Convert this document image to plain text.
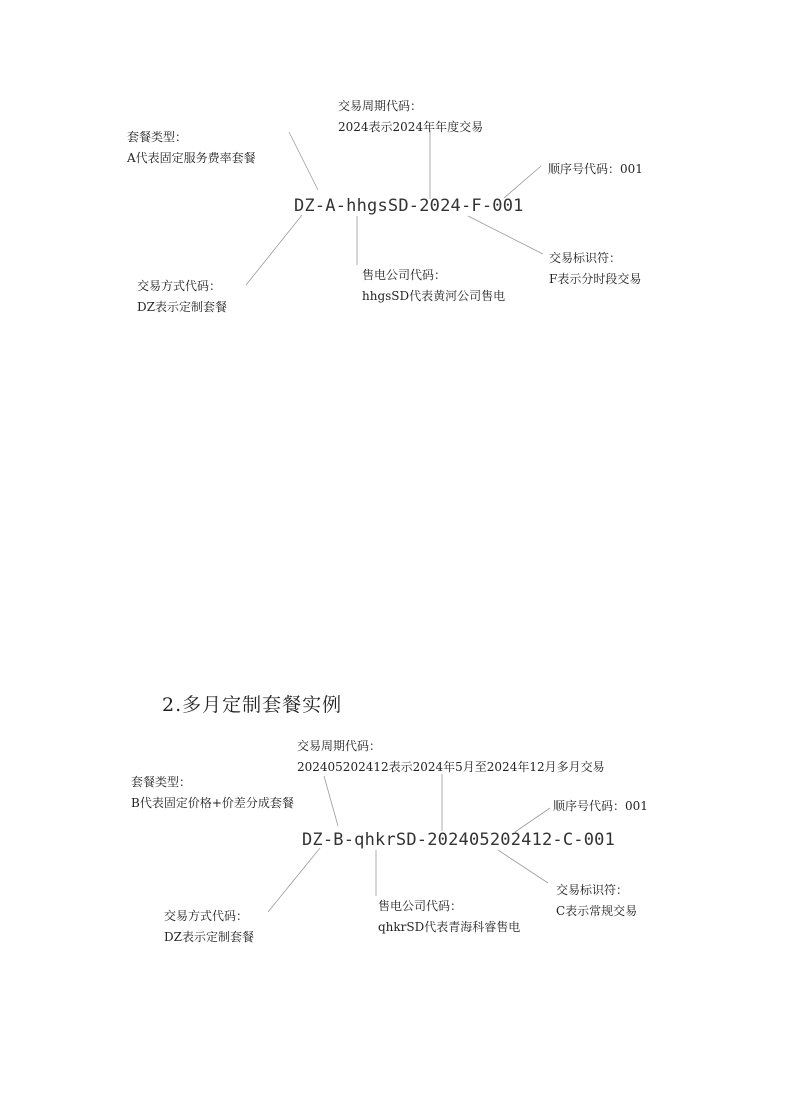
交易周期代码：
2024表示2024年年度交易
套餐类型：
A代表固定服务费率套餐
顺序号代码：001
DZ-A-hhgsSD-2024-F-001
交易方式代码：
DZ表示定制套餐
售电公司代码：
hhgsSD代表黄河公司售电
交易标识符：
F表示分时段交易
2.多月定制套餐实例
交易周期代码：
202405202412表示2024年5月至2024年12月多月交易
套餐类型：
B代表固定价格+价差分成套餐	顺序号代码：001
DZ-B-qhkrSD-202405202412-C-001
交易方式代码：
DZ表示定制套餐
售电公司代码：
qhkrSD代表青海科睿售电
交易标识符：
C表示常规交易
